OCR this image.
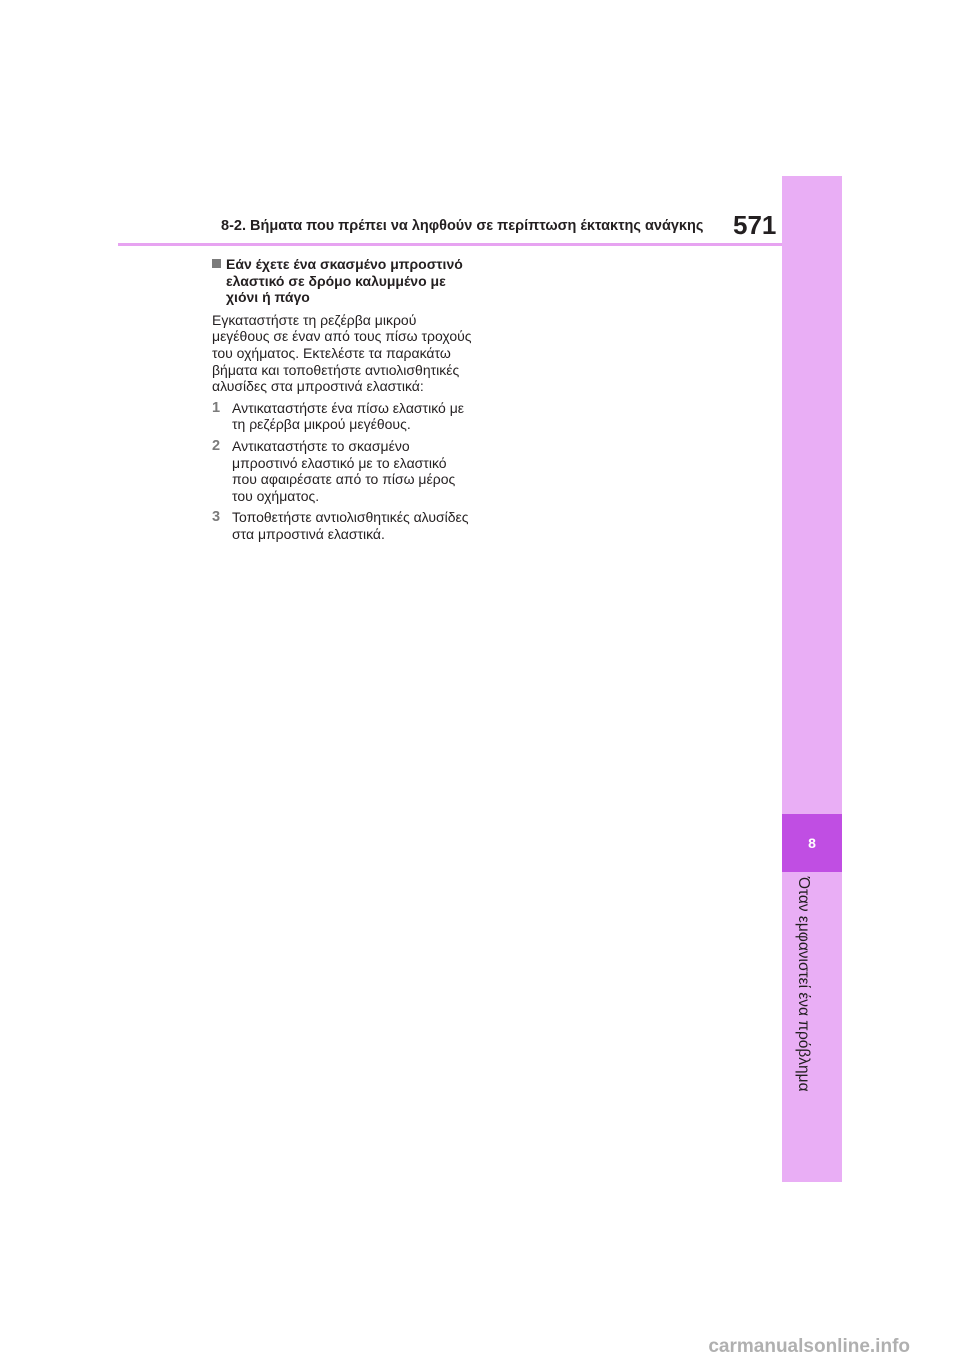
8-2. Βήματα που πρέπει να ληφθούν σε περίπτωση έκτακτης ανάγκης 571
8
Όταν εμφανιστεί ένα πρόβλημα
Εάν έχετε ένα σκασμένο μπροστινό ελαστικό σε δρόμο καλυμμένο με χιόνι ή πάγο
Εγκαταστήστε τη ρεζέρβα μικρού μεγέθους σε έναν από τους πίσω τροχούς του οχήματος. Εκτελέστε τα παρακάτω βήματα και τοποθετήστε αντιολισθητικές αλυσίδες στα μπροστινά ελαστικά:
1 Αντικαταστήστε ένα πίσω ελαστικό με τη ρεζέρβα μικρού μεγέθους.
2 Αντικαταστήστε το σκασμένο μπροστινό ελαστικό με το ελαστικό που αφαιρέσατε από το πίσω μέρος του οχήματος.
3 Τοποθετήστε αντιολισθητικές αλυσίδες στα μπροστινά ελαστικά.
carmanualsonline.info
